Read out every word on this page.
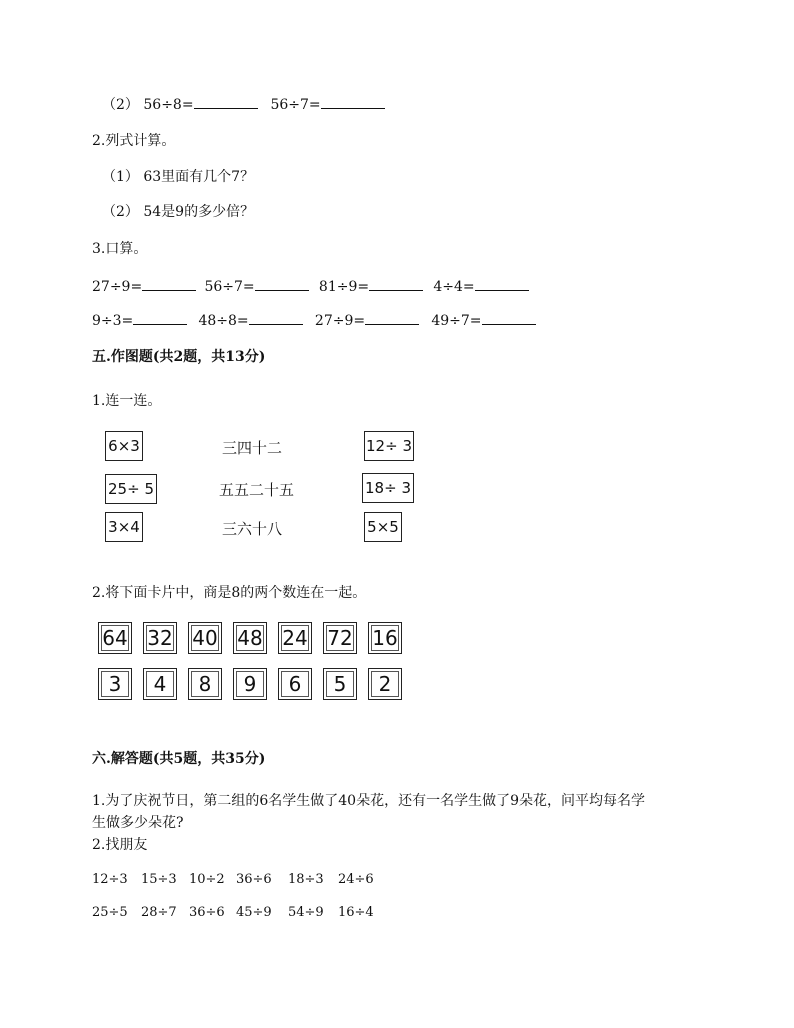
（2） 56÷8=	56÷7=
2.列式计算。
（1） 63里面有几个7？
（2） 54是9的多少倍？
3.口算。
27÷9=	56÷7=	81÷9=	4÷4=
9÷3=	48÷8=	27÷9=	49÷7=
五.作图题(共2题，共13分)
1.连一连。
6×3
25÷ 5
3×4
三四十二
五五二十五
三六十八
12÷ 3
18÷ 3
5×5
2.将下面卡片中，商是8的两个数连在一起。
64 32 40 48 24 72 16
3	4	8	9	6	5	2
六.解答题(共5题，共35分)
1.为了庆祝节日，第二组的6名学生做了40朵花，还有一名学生做了9朵花，问平均每名学
生做多少朵花?
2.找朋友
12÷3 15÷3 10÷2 36÷6 18÷3 24÷6
25÷5 28÷7 36÷6 45÷9 54÷9 16÷4
